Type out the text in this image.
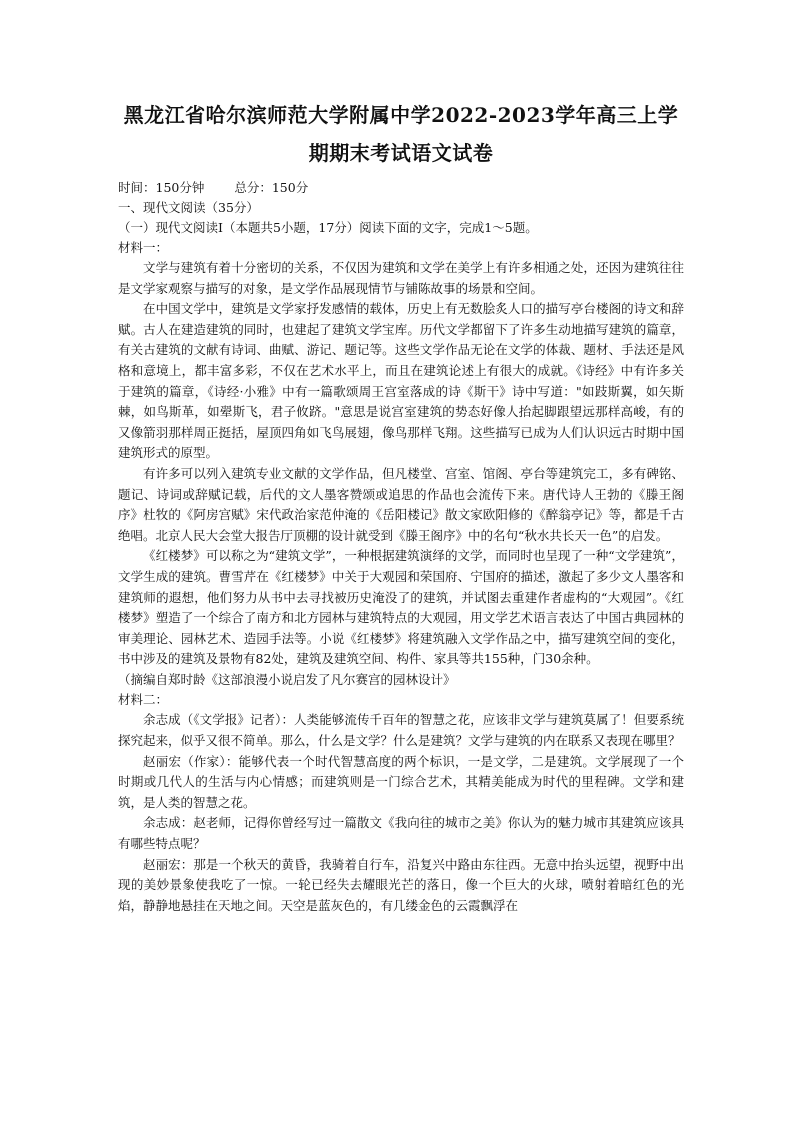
黑龙江省哈尔滨师范大学附属中学2022-2023学年高三上学
期期末考试语文试卷
时间：150分钟 总分：150分
一、现代文阅读（35分）
（一）现代文阅读Ⅰ（本题共5小题，17分）阅读下面的文字，完成1～5题。
材料一：

文学与建筑有着十分密切的关系，不仅因为建筑和文学在美学上有许多相通之处，还因为建筑往往是文学家观察与描写的对象，是文学作品展现情节与铺陈故事的场景和空间。

在中国文学中，建筑是文学家抒发感情的载体，历史上有无数脍炙人口的描写亭台楼阁的诗文和辞赋。古人在建造建筑的同时，也建起了建筑文学宝库。历代文学都留下了许多生动地描写建筑的篇章，有关古建筑的文献有诗词、曲赋、游记、题记等。这些文学作品无论在文学的体裁、题材、手法还是风格和意境上，都丰富多彩，不仅在艺术水平上，而且在建筑论述上有很大的成就。《诗经》中有许多关于建筑的篇章，《诗经·小雅》中有一篇歌颂周王宫室落成的诗《斯干》诗中写道："如跂斯翼，如矢斯棘，如鸟斯革，如翚斯飞，君子攸跻。"意思是说宫室建筑的势态好像人抬起脚跟望远那样高峻，有的又像箭羽那样周正挺括，屋顶四角如飞鸟展翅，像鸟那样飞翔。这些描写已成为人们认识远古时期中国建筑形式的原型。

有许多可以列入建筑专业文献的文学作品，但凡楼堂、宫室、馆阁、亭台等建筑完工，多有碑铭、题记、诗词或辞赋记载，后代的文人墨客赞颂或追思的作品也会流传下来。唐代诗人王勃的《滕王阁序》杜牧的《阿房宫赋》宋代政治家范仲淹的《岳阳楼记》散文家欧阳修的《醉翁亭记》等，都是千古绝唱。北京人民大会堂大报告厅顶棚的设计就受到《滕王阁序》中的名句“秋水共长天一色”的启发。

《红楼梦》可以称之为“建筑文学”，一种根据建筑演绎的文学，而同时也呈现了一种“文学建筑”，文学生成的建筑。曹雪芹在《红楼梦》中关于大观园和荣国府、宁国府的描述，激起了多少文人墨客和建筑师的遐想，他们努力从书中去寻找被历史淹没了的建筑，并试图去重建作者虚构的“大观园”。《红楼梦》塑造了一个综合了南方和北方园林与建筑特点的大观园，用文学艺术语言表达了中国古典园林的审美理论、园林艺术、造园手法等。小说《红楼梦》将建筑融入文学作品之中，描写建筑空间的变化，书中涉及的建筑及景物有82处，建筑及建筑空间、构件、家具等共155种，门30余种。

（摘编自郑时龄《这部浪漫小说启发了凡尔赛宫的园林设计》

材料二：

余志成（《文学报》记者）：人类能够流传千百年的智慧之花，应该非文学与建筑莫属了！但要系统探究起来，似乎又很不简单。那么，什么是文学？什么是建筑？文学与建筑的内在联系又表现在哪里？

赵丽宏（作家）：能够代表一个时代智慧高度的两个标识，一是文学，二是建筑。文学展现了一个时期或几代人的生活与内心情感；而建筑则是一门综合艺术，其精美能成为时代的里程碑。文学和建筑，是人类的智慧之花。

余志成：赵老师，记得你曾经写过一篇散文《我向往的城市之美》你认为的魅力城市其建筑应该具有哪些特点呢？

赵丽宏：那是一个秋天的黄昏，我骑着自行车，沿复兴中路由东往西。无意中抬头远望，视野中出现的美妙景象使我吃了一惊。一轮已经失去耀眼光芒的落日，像一个巨大的火球，喷射着暗红色的光焰，静静地悬挂在天地之间。天空是蓝灰色的，有几缕金色的云霞飘浮在
